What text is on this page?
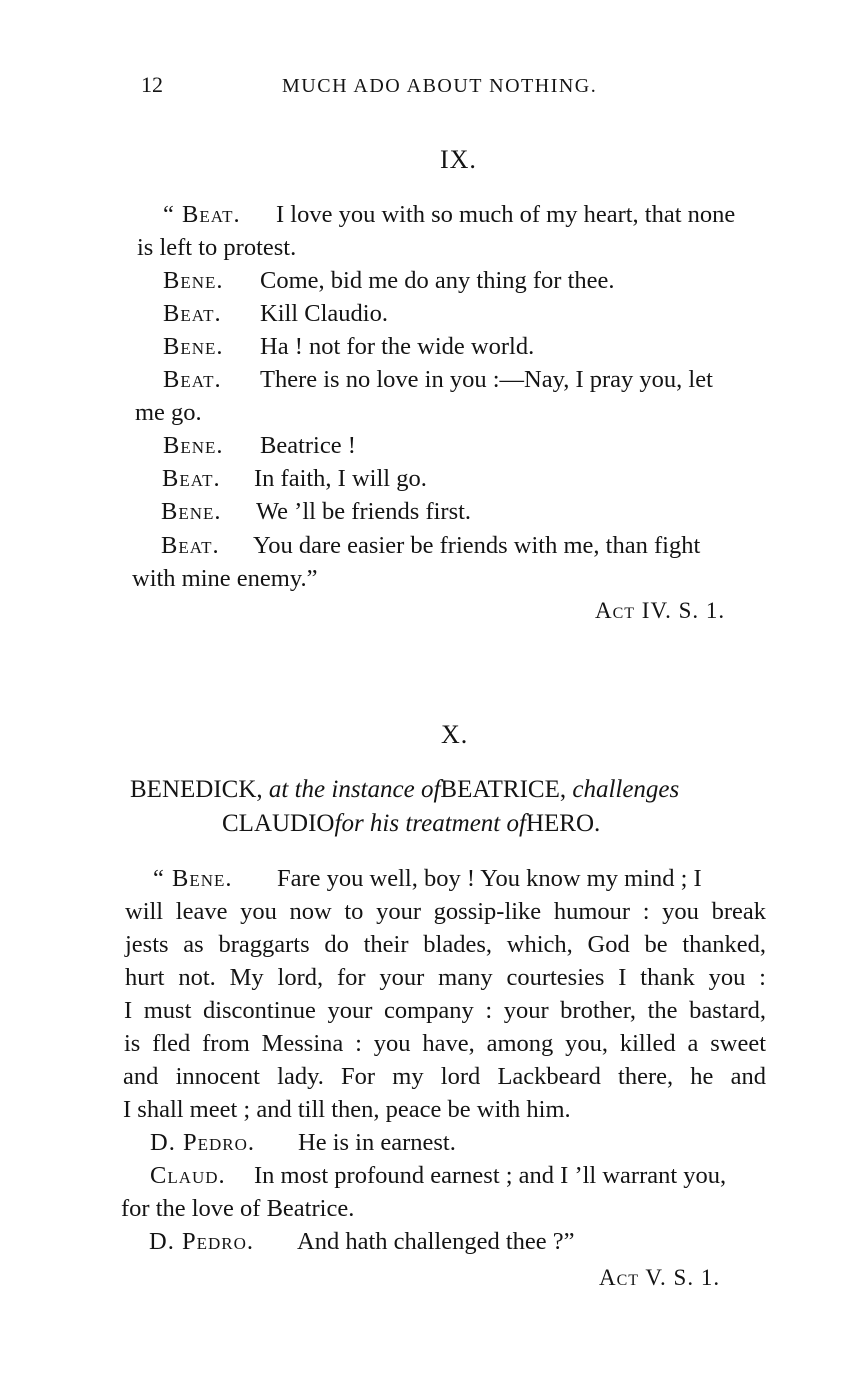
12	MUCH ADO ABOUT NOTHING.
IX.
“ Beat. I love you with so much of my heart, that none
is left to protest.
Bene. Come, bid me do any thing for thee.
Beat. Kill Claudio.
Bene. Ha ! not for the wide world.
Beat. There is no love in you :—Nay, I pray you, let
me go.
Bene. Beatrice !
Beat. In faith, I will go.
Bene. We ’ll be friends first.
Beat. You dare easier be friends with me, than fight
with mine enemy.”
Act IV. S. 1.
X.
BENEDICK, at the instance ofBEATRICE, challenges
CLAUDIOfor his treatment ofHERO.
“ Bene. Fare you well, boy ! You know my mind ; I
will leave you now to your gossip-like humour : you break
jests as braggarts do their blades, which, God be thanked,
hurt not. My lord, for your many courtesies I thank you :
I must discontinue your company : your brother, the bastard,
is fled from Messina : you have, among you, killed a sweet
and innocent lady. For my lord Lackbeard there, he and
I shall meet ; and till then, peace be with him.
D. Pedro. He is in earnest.
Claud. In most profound earnest ; and I ’ll warrant you,
for the love of Beatrice.
D. Pedro. And hath challenged thee ?”
Act V. S. 1.
